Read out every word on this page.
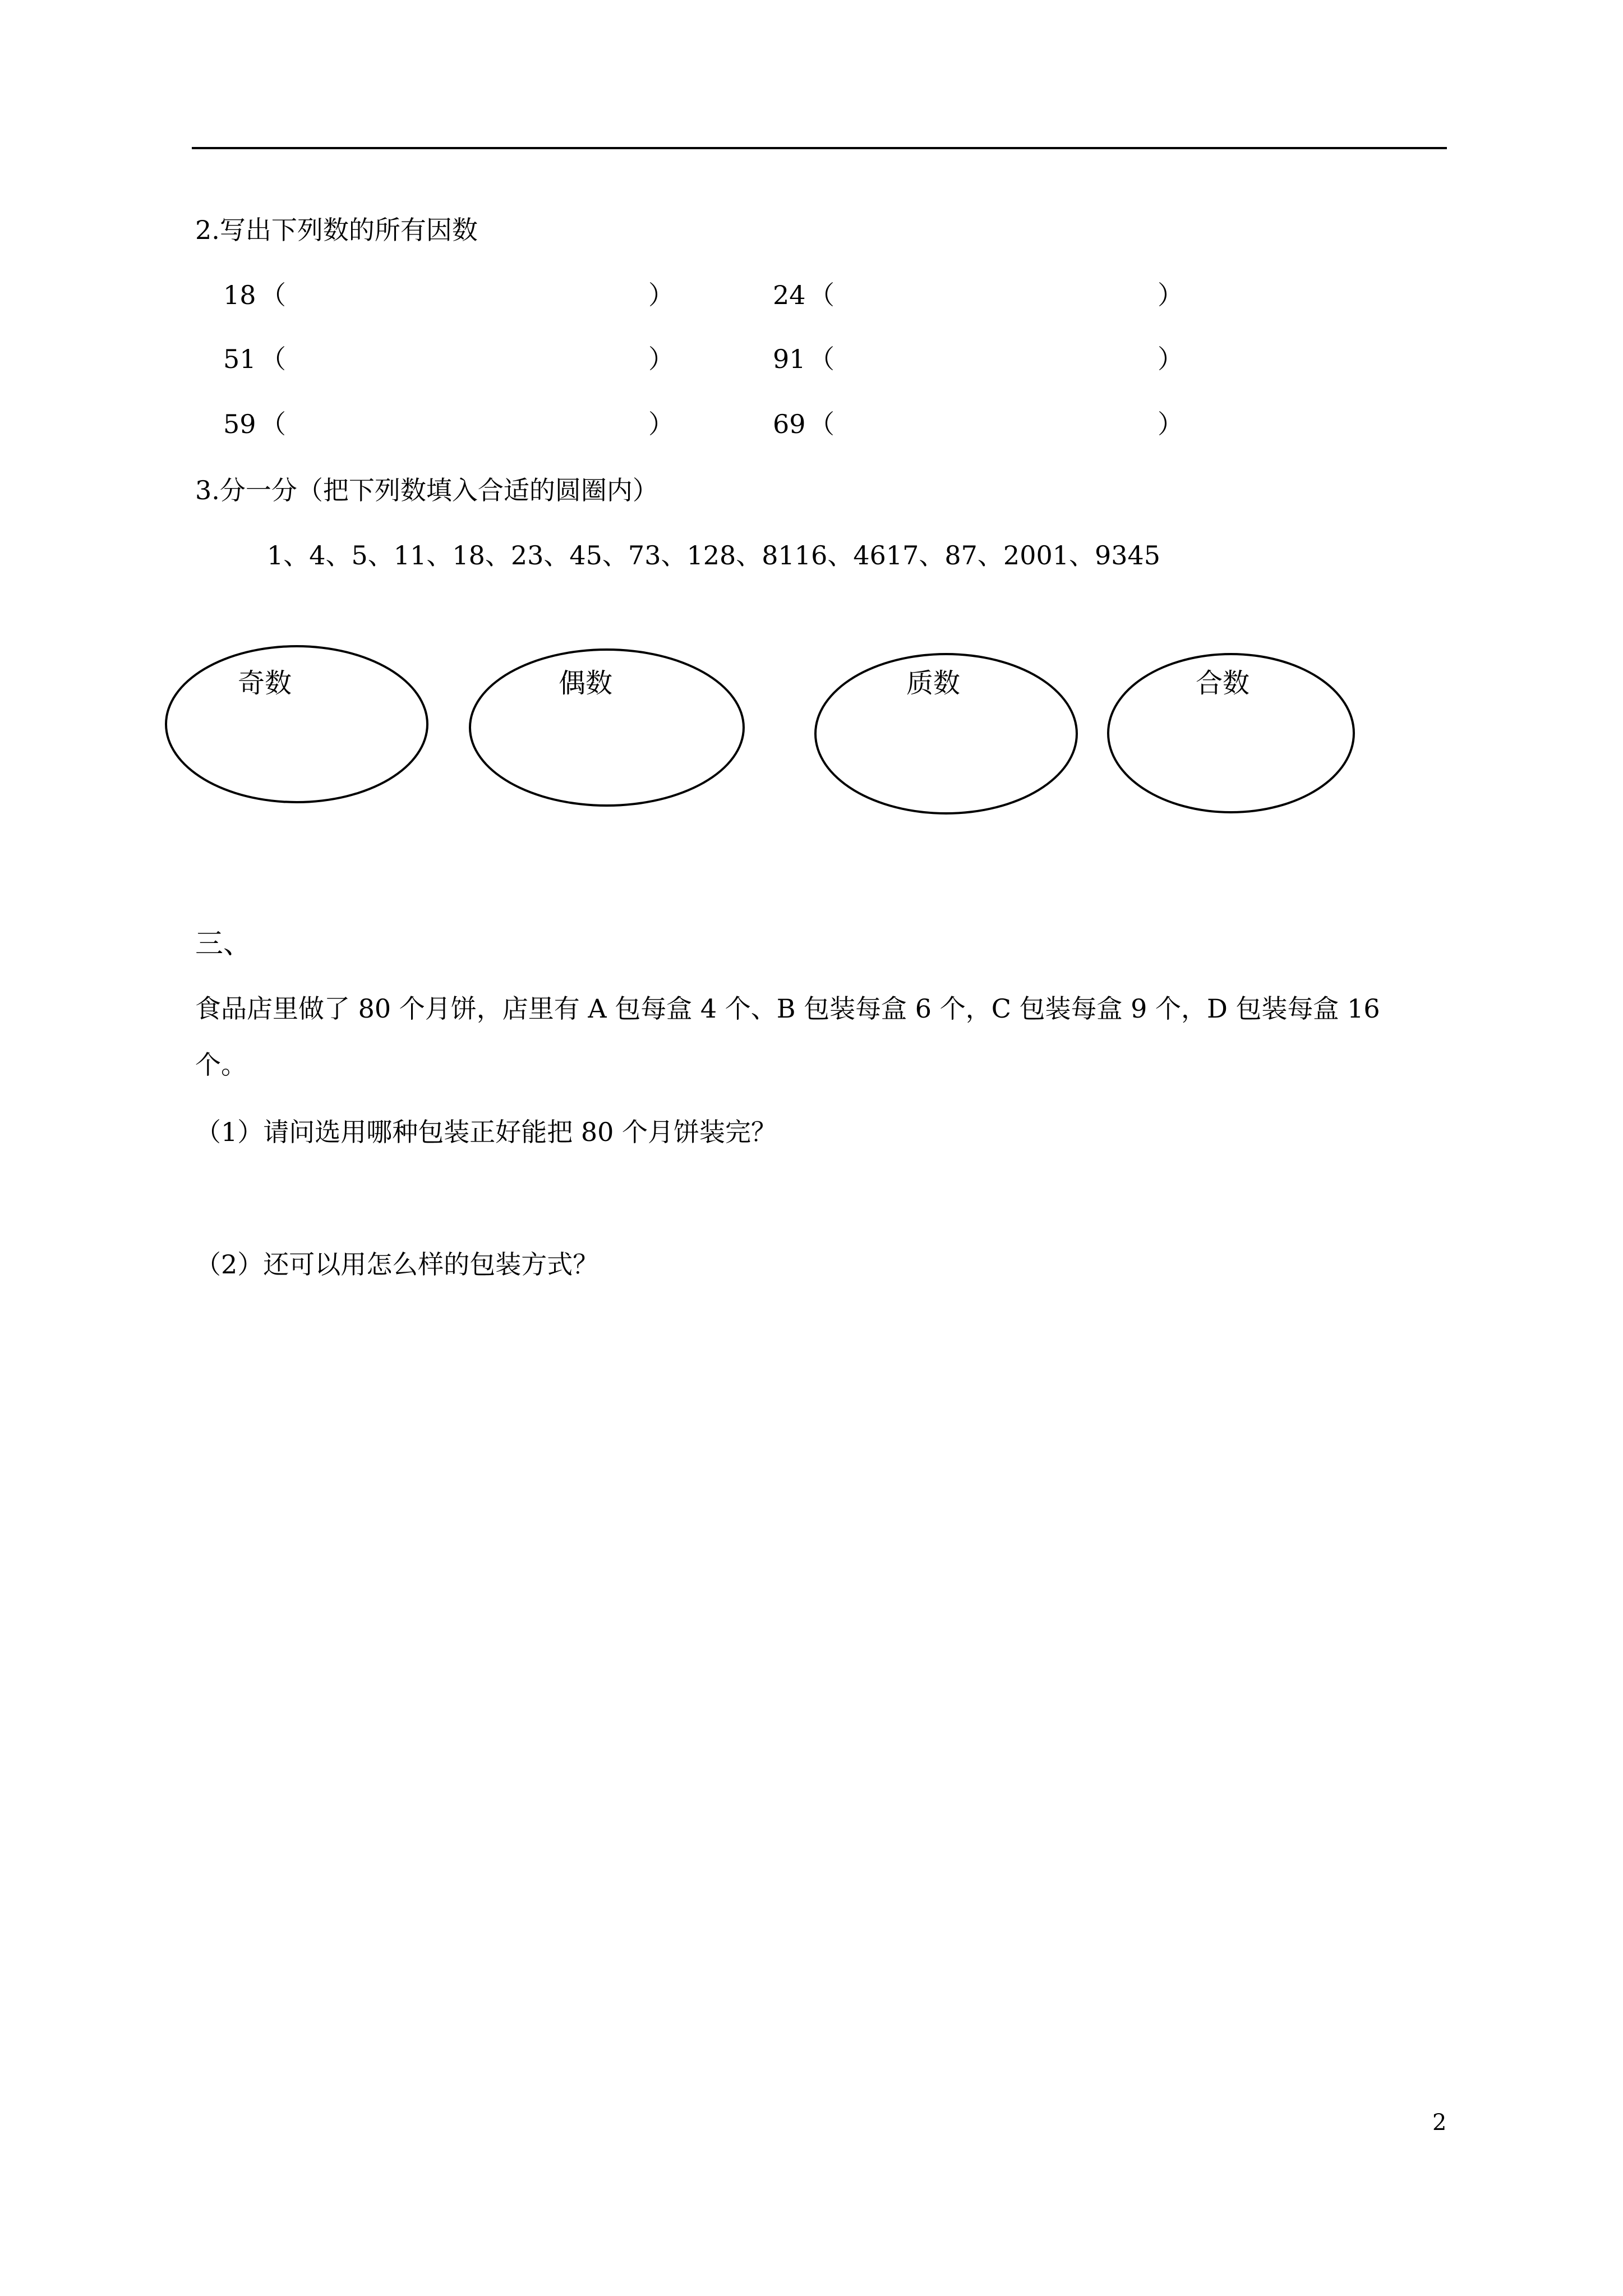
2.写出下列数的所有因数
18 （	）	24 （	）
51 （	）	91 （	）
59 （	）	69 （	）
3.分一分（把下列数填入合适的圆圈内）
1、4、5、11、18、23、45、73、128、8116、4617、87、2001、9345
奇数	偶数	质数	合数
三、
食品店里做了 80 个月饼，店里有 A 包每盒 4 个、B 包装每盒 6 个，C 包装每盒 9 个，D 包装每盒 16
个。
（1）请问选用哪种包装正好能把 80 个月饼装完？
（2）还可以用怎么样的包装方式？
2
